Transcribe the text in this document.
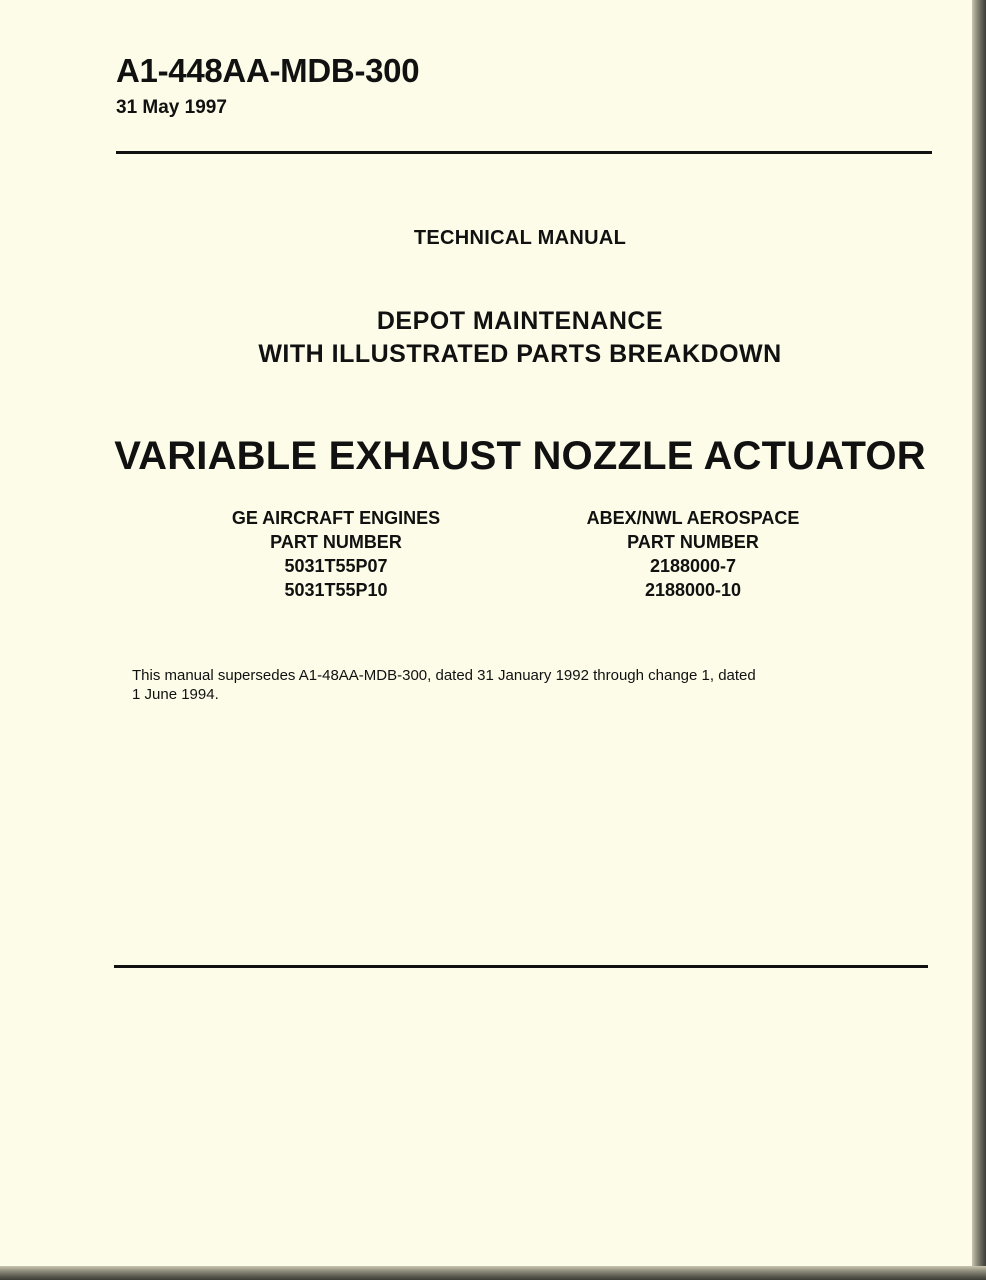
A1-448AA-MDB-300
31 May 1997
TECHNICAL MANUAL
DEPOT MAINTENANCE
WITH ILLUSTRATED PARTS BREAKDOWN
VARIABLE EXHAUST NOZZLE ACTUATOR
GE AIRCRAFT ENGINES
PART NUMBER
5031T55P07
5031T55P10
ABEX/NWL AEROSPACE
PART NUMBER
2188000-7
2188000-10
This manual supersedes A1-48AA-MDB-300, dated 31 January 1992 through change 1, dated
1 June 1994.
